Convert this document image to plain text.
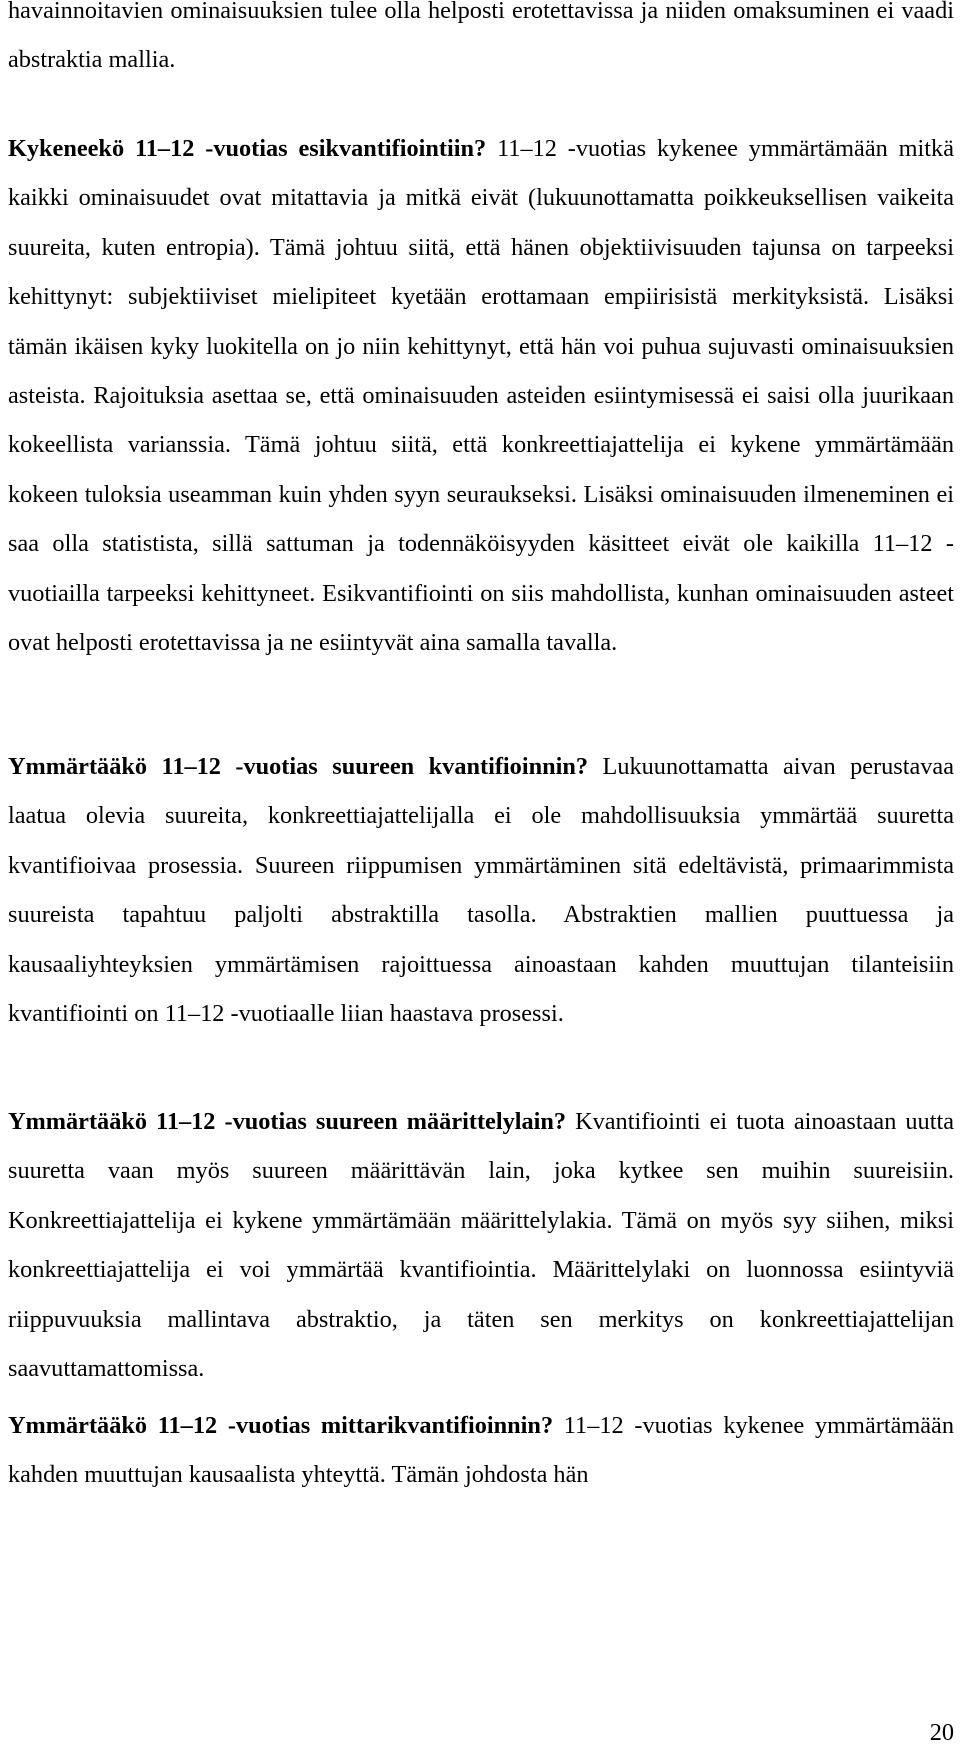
havainnoitavien ominaisuuksien tulee olla helposti erotettavissa ja niiden omaksuminen ei vaadi abstraktia mallia.
Kykeneekö 11–12 -vuotias esikvantifiointiin? 11–12 -vuotias kykenee ymmärtämään mitkä kaikki ominaisuudet ovat mitattavia ja mitkä eivät (lukuunottamatta poikkeuksellisen vaikeita suureita, kuten entropia). Tämä johtuu siitä, että hänen objektiivisuuden tajunsa on tarpeeksi kehittynyt: subjektiiviset mielipiteet kyetään erottamaan empiirisistä merkityksistä. Lisäksi tämän ikäisen kyky luokitella on jo niin kehittynyt, että hän voi puhua sujuvasti ominaisuuksien asteista. Rajoituksia asettaa se, että ominaisuuden asteiden esiintymisessä ei saisi olla juurikaan kokeellista varianssia. Tämä johtuu siitä, että konkreettiajattelija ei kykene ymmärtämään kokeen tuloksia useamman kuin yhden syyn seuraukseksi. Lisäksi ominaisuuden ilmeneminen ei saa olla statistista, sillä sattuman ja todennäköisyyden käsitteet eivät ole kaikilla 11–12 -vuotiailla tarpeeksi kehittyneet. Esikvantifiointi on siis mahdollista, kunhan ominaisuuden asteet ovat helposti erotettavissa ja ne esiintyvät aina samalla tavalla.
Ymmärtääkö 11–12 -vuotias suureen kvantifioinnin? Lukuunottamatta aivan perustavaa laatua olevia suureita, konkreettiajattelijalla ei ole mahdollisuuksia ymmärtää suuretta kvantifioivaa prosessia. Suureen riippumisen ymmärtäminen sitä edeltävistä, primaarimmista suureista tapahtuu paljolti abstraktilla tasolla. Abstraktien mallien puuttuessa ja kausaaliyhteyksien ymmärtämisen rajoittuessa ainoastaan kahden muuttujan tilanteisiin kvantifiointi on 11–12 -vuotiaalle liian haastava prosessi.
Ymmärtääkö 11–12 -vuotias suureen määrittelylain? Kvantifiointi ei tuota ainoastaan uutta suuretta vaan myös suureen määrittävän lain, joka kytkee sen muihin suureisiin. Konkreettiajattelija ei kykene ymmärtämään määrittelylakia. Tämä on myös syy siihen, miksi konkreettiajattelija ei voi ymmärtää kvantifiointia. Määrittelylaki on luonnossa esiintyviä riippuvuuksia mallintava abstraktio, ja täten sen merkitys on konkreettiajattelijan saavuttamattomissa.
Ymmärtääkö 11–12 -vuotias mittarikvantifioinnin? 11–12 -vuotias kykenee ymmärtämään kahden muuttujan kausaalista yhteyttä. Tämän johdosta hän
20
